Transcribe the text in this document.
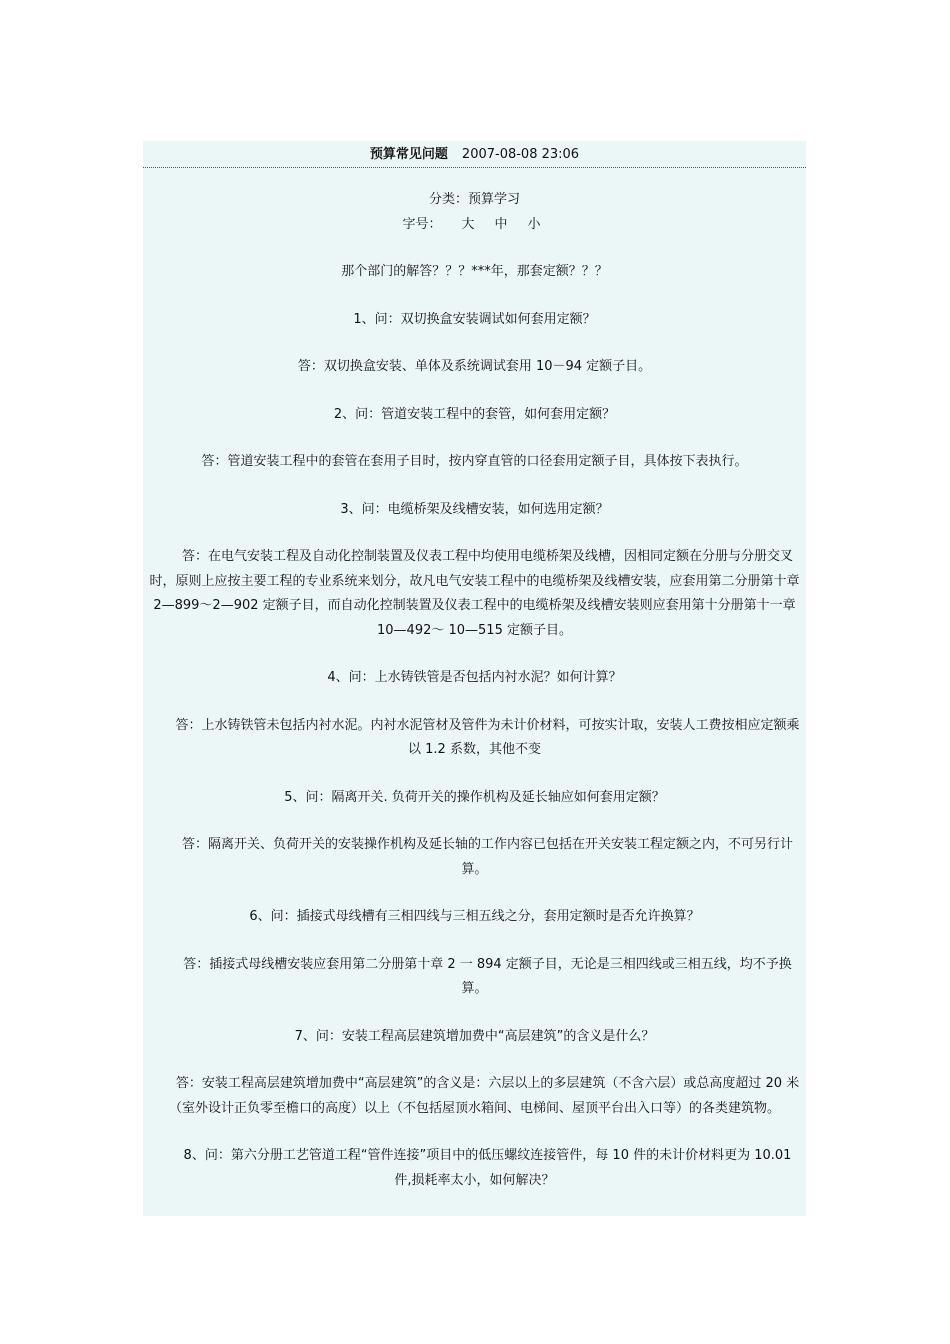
预算常见问题 2007-08-08 23:06

分类：预算学习

字号： 大 中 小

那个部门的解答？？？***年，那套定额？？？

1、问：双切换盒安装调试如何套用定额？

答：双切换盒安装、单体及系统调试套用 10－94 定额子目。

2、问：管道安装工程中的套管，如何套用定额？

答：管道安装工程中的套管在套用子目时，按内穿直管的口径套用定额子目，具体按下表执行。

3、问：电缆桥架及线槽安装，如何选用定额？

答：在电气安装工程及自动化控制装置及仪表工程中均使用电缆桥架及线槽，因相同定额在分册与分册交叉时，原则上应按主要工程的专业系统来划分，故凡电气安装工程中的电缆桥架及线槽安装，应套用第二分册第十章 2—899～2—902 定额子目，而自动化控制装置及仪表工程中的电缆桥架及线槽安装则应套用第十分册第十一章 10—492～ 10—515 定额子目。

4、问：上水铸铁管是否包括内衬水泥？如何计算？

答：上水铸铁管未包括内衬水泥。内衬水泥管材及管件为未计价材料，可按实计取，安装人工费按相应定额乘以 1.2 系数，其他不变

5、问：隔离开关. 负荷开关的操作机构及延长轴应如何套用定额？

答：隔离开关、负荷开关的安装操作机构及延长轴的工作内容已包括在开关安装工程定额之内，不可另行计算。

6、问：插接式母线槽有三相四线与三相五线之分，套用定额时是否允许换算？

答：插接式母线槽安装应套用第二分册第十章 2 一 894 定额子目，无论是三相四线或三相五线，均不予换算。

7、问：安装工程高层建筑增加费中“高层建筑”的含义是什么？

答：安装工程高层建筑增加费中“高层建筑”的含义是：六层以上的多层建筑（不含六层）或总高度超过 20 米（室外设计正负零至檐口的高度）以上（不包括屋顶水箱间、电梯间、屋顶平台出入口等）的各类建筑物。

8、问：第六分册工艺管道工程“管件连接”项目中的低压螺纹连接管件，每 10 件的未计价材料更为 10.01 件,损耗率太小，如何解决？
